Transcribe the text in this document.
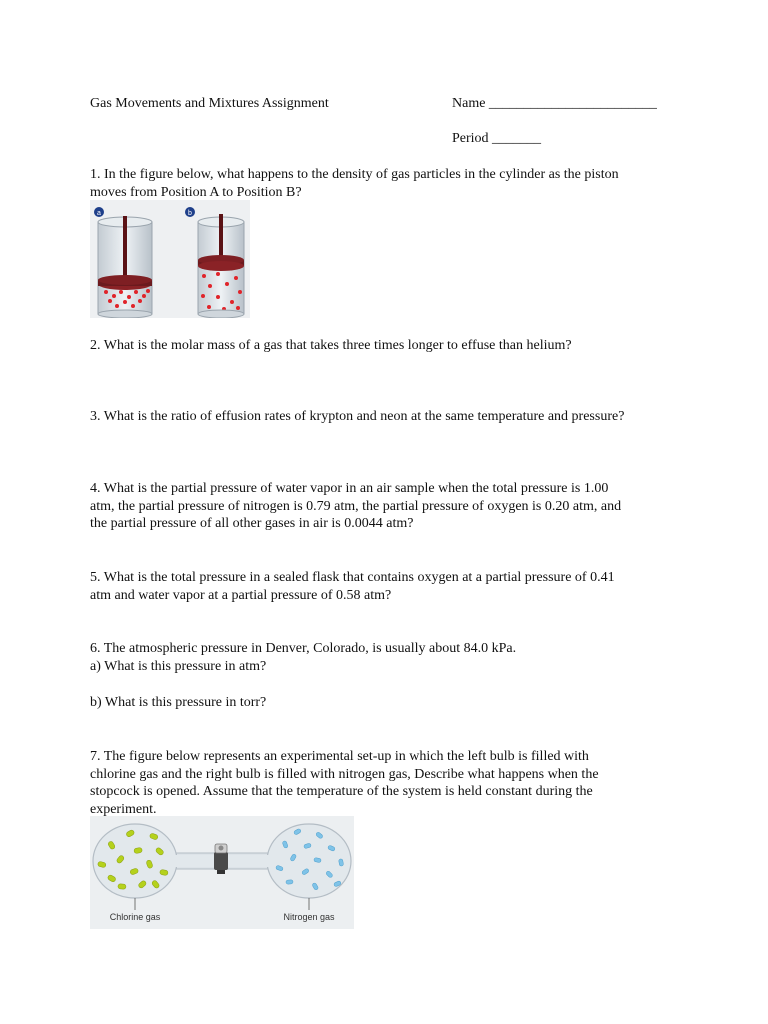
Gas Movements and Mixtures Assignment	Name ________________________
Period _______
1. In the figure below, what happens to the density of gas particles in the cylinder as the piston
moves from Position A to Position B?
a	b
2. What is the molar mass of a gas that takes three times longer to effuse than helium?
3. What is the ratio of effusion rates of krypton and neon at the same temperature and pressure?
4. What is the partial pressure of water vapor in an air sample when the total pressure is 1.00
atm, the partial pressure of nitrogen is 0.79 atm, the partial pressure of oxygen is 0.20 atm, and
the partial pressure of all other gases in air is 0.0044 atm?
5. What is the total pressure in a sealed flask that contains oxygen at a partial pressure of 0.41
atm and water vapor at a partial pressure of 0.58 atm?
6. The atmospheric pressure in Denver, Colorado, is usually about 84.0 kPa.
a) What is this pressure in atm?
b) What is this pressure in torr?
7. The figure below represents an experimental set-up in which the left bulb is filled with
chlorine gas and the right bulb is filled with nitrogen gas, Describe what happens when the
stopcock is opened. Assume that the temperature of the system is held constant during the
experiment.
Chlorine gas	Nitrogen gas
